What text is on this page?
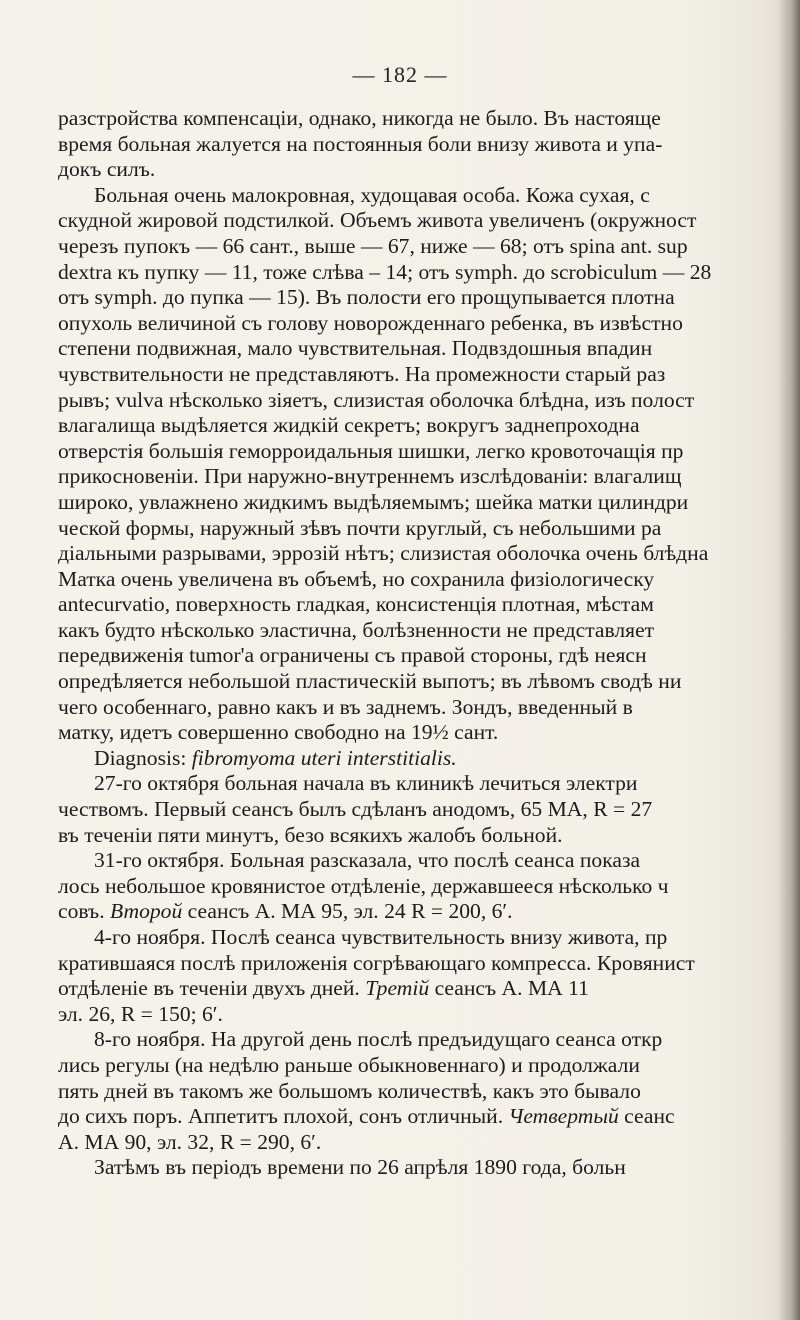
— 182 —
разстройства компенсаціи, однако, никогда не было. Въ настояще
время больная жалуется на постоянныя боли внизу живота и упа-
докъ силъ.
Больная очень малокровная, худощавая особа. Кожа сухая, с
скудной жировой подстилкой. Объемъ живота увеличенъ (окружност
черезъ пупокъ — 66 сант., выше — 67, ниже — 68; отъ spina ant. sup
dextra къ пупку — 11, тоже слѣва – 14; отъ symph. до scrobiculum — 28
отъ symph. до пупка — 15). Въ полости его прощупывается плотна
опухоль величиной съ голову новорожденнаго ребенка, въ извѣстно
степени подвижная, мало чувствительная. Подвздошныя впадин
чувствительности не представляютъ. На промежности старый раз
рывъ; vulva нѣсколько зіяетъ, слизистая оболочка блѣдна, изъ полост
влагалища выдѣляется жидкій секретъ; вокругъ заднепроходна
отверстія большія геморроидальныя шишки, легко кровоточащія пр
прикосновеніи. При наружно-внутреннемъ изслѣдованіи: влагалищ
широко, увлажнено жидкимъ выдѣляемымъ; шейка матки цилиндри
ческой формы, наружный зѣвъ почти круглый, съ небольшими ра
діальными разрывами, эррозій нѣтъ; слизистая оболочка очень блѣдна
Матка очень увеличена въ объемѣ, но сохранила физіологическу
anteсurvatio, поверхность гладкая, консистенція плотная, мѣстам
какъ будто нѣсколько эластична, болѣзненности не представляет
передвиженія tumor'а ограничены съ правой стороны, гдѣ неясн
опредѣляется небольшой пластическій выпотъ; въ лѣвомъ сводѣ ни
чего особеннаго, равно какъ и въ заднемъ. Зондъ, введенный в
матку, идетъ совершенно свободно на 19½ сант.
Diagnosis: fibromyoma uteri interstitialis.
27-го октября больная начала въ клиникѣ лечиться электри
чествомъ. Первый сеансъ былъ сдѣланъ анодомъ, 65 MA, R = 27
въ теченіи пяти минутъ, безо всякихъ жалобъ больной.
31-го октября. Больная разсказала, что послѣ сеанса показа
лось небольшое кровянистое отдѣленіе, державшееся нѣсколько ч
совъ. Второй сеансъ А. МА 95, эл. 24 R = 200, 6′.
4-го ноября. Послѣ сеанса чувствительность внизу живота, пр
кратившаяся послѣ приложенія согрѣвающаго компресса. Кровянист
отдѣленіе въ теченіи двухъ дней. Третій сеансъ А. МА 11
эл. 26, R = 150; 6′.
8-го ноября. На другой день послѣ предъидущаго сеанса откр
лись регулы (на недѣлю раньше обыкновеннаго) и продолжали
пять дней въ такомъ же большомъ количествѣ, какъ это бывало
до сихъ поръ. Аппетитъ плохой, сонъ отличный. Четвертый сеанс
А. МА 90, эл. 32, R = 290, 6′.
Затѣмъ въ періодъ времени по 26 апрѣля 1890 года, больн
